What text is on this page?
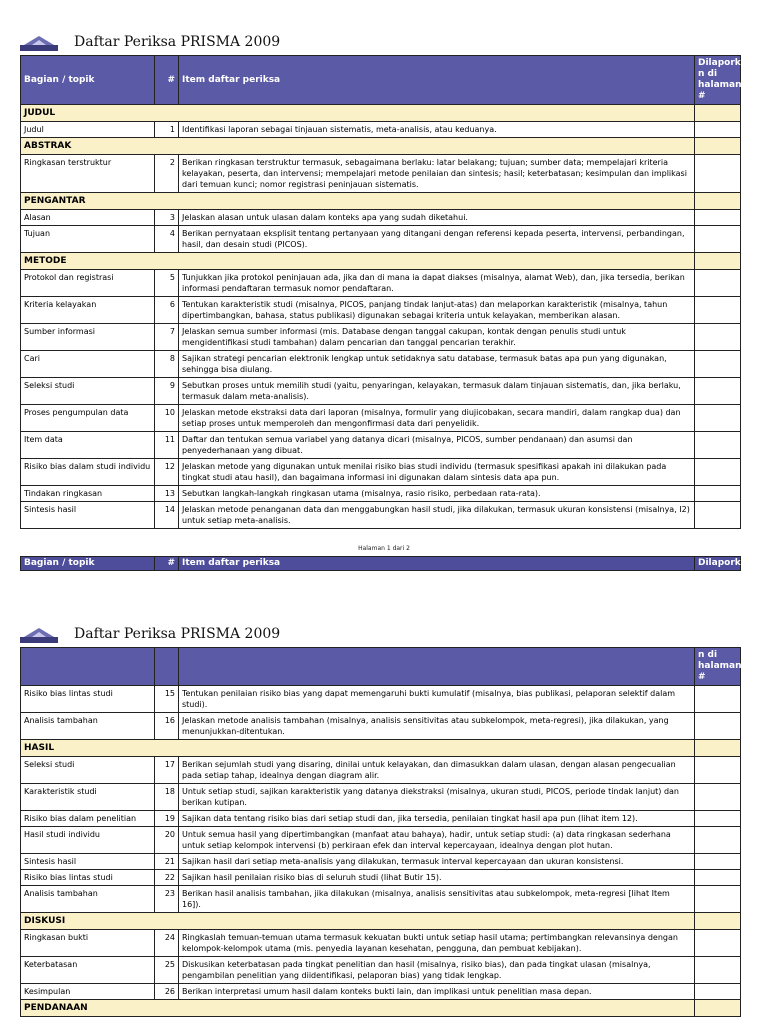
Daftar Periksa PRISMA 2009
Bagian / topik	#	Item daftar periksa	Dilaporka n di halaman #
JUDUL			
Judul	1	Identifikasi laporan sebagai tinjauan sistematis, meta-analisis, atau keduanya.	
ABSTRAK			
Ringkasan terstruktur	2	Berikan ringkasan terstruktur termasuk, sebagaimana berlaku: latar belakang; tujuan; sumber data; mempelajari kriteria kelayakan, peserta, dan intervensi; mempelajari metode penilaian dan sintesis; hasil; keterbatasan; kesimpulan dan implikasi dari temuan kunci; nomor registrasi peninjauan sistematis.	
PENGANTAR			
Alasan	3	Jelaskan alasan untuk ulasan dalam konteks apa yang sudah diketahui.	
Tujuan	4	Berikan pernyataan eksplisit tentang pertanyaan yang ditangani dengan referensi kepada peserta, intervensi, perbandingan, hasil, dan desain studi (PICOS).	
METODE			
Protokol dan registrasi	5	Tunjukkan jika protokol peninjauan ada, jika dan di mana ia dapat diakses (misalnya, alamat Web), dan, jika tersedia, berikan informasi pendaftaran termasuk nomor pendaftaran.	
Kriteria kelayakan	6	Tentukan karakteristik studi (misalnya, PICOS, panjang tindak lanjut-atas) dan melaporkan karakteristik (misalnya, tahun dipertimbangkan, bahasa, status publikasi) digunakan sebagai kriteria untuk kelayakan, memberikan alasan.	
Sumber informasi	7	Jelaskan semua sumber informasi (mis. Database dengan tanggal cakupan, kontak dengan penulis studi untuk mengidentifikasi studi tambahan) dalam pencarian dan tanggal pencarian terakhir.	
Cari	8	Sajikan strategi pencarian elektronik lengkap untuk setidaknya satu database, termasuk batas apa pun yang digunakan, sehingga bisa diulang.	
Seleksi studi	9	Sebutkan proses untuk memilih studi (yaitu, penyaringan, kelayakan, termasuk dalam tinjauan sistematis, dan, jika berlaku, termasuk dalam meta-analisis).	
Proses pengumpulan data	10	Jelaskan metode ekstraksi data dari laporan (misalnya, formulir yang diujicobakan, secara mandiri, dalam rangkap dua) dan setiap proses untuk memperoleh dan mengonfirmasi data dari penyelidik.	
Item data	11	Daftar dan tentukan semua variabel yang datanya dicari (misalnya, PICOS, sumber pendanaan) dan asumsi dan penyederhanaan yang dibuat.	
Risiko bias dalam studi individu	12	Jelaskan metode yang digunakan untuk menilai risiko bias studi individu (termasuk spesifikasi apakah ini dilakukan pada tingkat studi atau hasil), dan bagaimana informasi ini digunakan dalam sintesis data apa pun.	
Tindakan ringkasan	13	Sebutkan langkah-langkah ringkasan utama (misalnya, rasio risiko, perbedaan rata-rata).	
Sintesis hasil	14	Jelaskan metode penanganan data dan menggabungkan hasil studi, jika dilakukan, termasuk ukuran konsistensi (misalnya, I2) untuk setiap meta-analisis.	
Halaman 1 dari 2
Bagian / topik	#	Item daftar periksa	Dilaporka
Daftar Periksa PRISMA 2009
			n di halaman #
Risiko bias lintas studi	15	Tentukan penilaian risiko bias yang dapat memengaruhi bukti kumulatif (misalnya, bias publikasi, pelaporan selektif dalam studi).	
Analisis tambahan	16	Jelaskan metode analisis tambahan (misalnya, analisis sensitivitas atau subkelompok, meta-regresi), jika dilakukan, yang menunjukkan-ditentukan.	
HASIL			
Seleksi studi	17	Berikan sejumlah studi yang disaring, dinilai untuk kelayakan, dan dimasukkan dalam ulasan, dengan alasan pengecualian pada setiap tahap, idealnya dengan diagram alir.	
Karakteristik studi	18	Untuk setiap studi, sajikan karakteristik yang datanya diekstraksi (misalnya, ukuran studi, PICOS, periode tindak lanjut) dan berikan kutipan.	
Risiko bias dalam penelitian	19	Sajikan data tentang risiko bias dari setiap studi dan, jika tersedia, penilaian tingkat hasil apa pun (lihat item 12).	
Hasil studi individu	20	Untuk semua hasil yang dipertimbangkan (manfaat atau bahaya), hadir, untuk setiap studi: (a) data ringkasan sederhana untuk setiap kelompok intervensi (b) perkiraan efek dan interval kepercayaan, idealnya dengan plot hutan.	
Sintesis hasil	21	Sajikan hasil dari setiap meta-analisis yang dilakukan, termasuk interval kepercayaan dan ukuran konsistensi.	
Risiko bias lintas studi	22	Sajikan hasil penilaian risiko bias di seluruh studi (lihat Butir 15).	
Analisis tambahan	23	Berikan hasil analisis tambahan, jika dilakukan (misalnya, analisis sensitivitas atau subkelompok, meta-regresi [lihat Item 16]).	
DISKUSI			
Ringkasan bukti	24	Ringkaslah temuan-temuan utama termasuk kekuatan bukti untuk setiap hasil utama; pertimbangkan relevansinya dengan kelompok-kelompok utama (mis. penyedia layanan kesehatan, pengguna, dan pembuat kebijakan).	
Keterbatasan	25	Diskusikan keterbatasan pada tingkat penelitian dan hasil (misalnya, risiko bias), dan pada tingkat ulasan (misalnya, pengambilan penelitian yang diidentifikasi, pelaporan bias) yang tidak lengkap.	
Kesimpulan	26	Berikan interpretasi umum hasil dalam konteks bukti lain, dan implikasi untuk penelitian masa depan.	
PENDANAAN			
